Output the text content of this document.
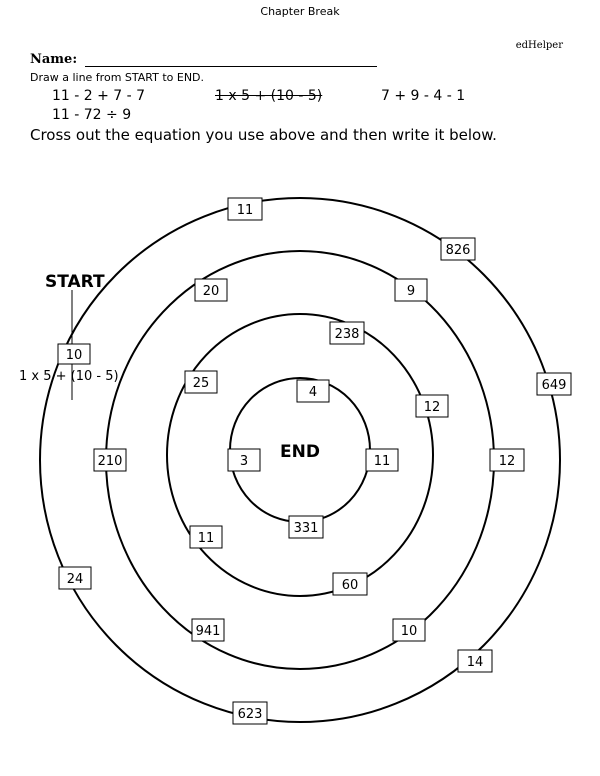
Chapter Break
edHelper
Name:
Draw a line from START to END.
11 - 2 + 7 - 7	1 x 5 + (10 - 5)	7 + 9 - 4 - 1
11 - 72 ÷ 9
Cross out the equation you use above and then write it below.
START
END
1 x 5 + (10 - 5)
10
11
826
20	9
238
25	649
4
12
210	3	11	12
331
11
24	60
941	10
14
623
